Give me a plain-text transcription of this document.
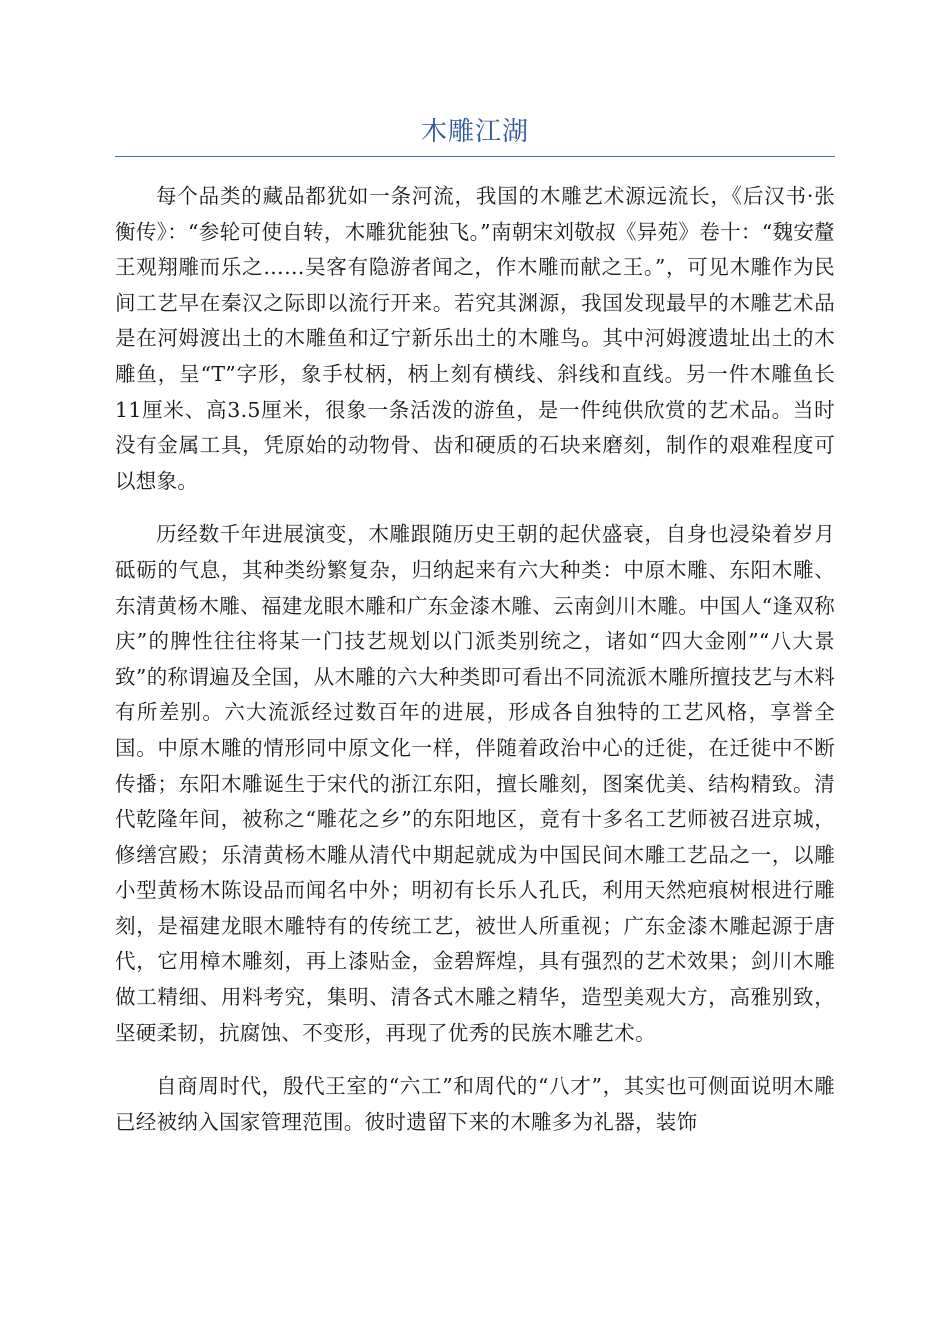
木雕江湖

每个品类的藏品都犹如一条河流，我国的木雕艺术源远流长，《后汉书·张衡传》：“参轮可使自转，木雕犹能独飞。”南朝宋刘敬叔《异苑》卷十：“魏安釐王观翔雕而乐之……吴客有隐游者闻之，作木雕而献之王。”，可见木雕作为民间工艺早在秦汉之际即以流行开来。若究其渊源，我国发现最早的木雕艺术品是在河姆渡出土的木雕鱼和辽宁新乐出土的木雕鸟。其中河姆渡遗址出土的木雕鱼，呈“T”字形，象手杖柄，柄上刻有横线、斜线和直线。另一件木雕鱼长11厘米、高3.5厘米，很象一条活泼的游鱼，是一件纯供欣赏的艺术品。当时没有金属工具，凭原始的动物骨、齿和硬质的石块来磨刻，制作的艰难程度可以想象。

历经数千年进展演变，木雕跟随历史王朝的起伏盛衰，自身也浸染着岁月砥砺的气息，其种类纷繁复杂，归纳起来有六大种类：中原木雕、东阳木雕、东清黄杨木雕、福建龙眼木雕和广东金漆木雕、云南剑川木雕。中国人“逢双称庆”的脾性往往将某一门技艺规划以门派类别统之，诸如“四大金刚”“八大景致”的称谓遍及全国，从木雕的六大种类即可看出不同流派木雕所擅技艺与木料有所差别。六大流派经过数百年的进展，形成各自独特的工艺风格，享誉全国。中原木雕的情形同中原文化一样，伴随着政治中心的迁徙，在迁徙中不断传播；东阳木雕诞生于宋代的浙江东阳，擅长雕刻，图案优美、结构精致。清代乾隆年间，被称之“雕花之乡”的东阳地区，竟有十多名工艺师被召进京城，修缮宫殿；乐清黄杨木雕从清代中期起就成为中国民间木雕工艺品之一，以雕小型黄杨木陈设品而闻名中外；明初有长乐人孔氏，利用天然疤痕树根进行雕刻，是福建龙眼木雕特有的传统工艺，被世人所重视；广东金漆木雕起源于唐代，它用樟木雕刻，再上漆贴金，金碧辉煌，具有强烈的艺术效果；剑川木雕做工精细、用料考究，集明、清各式木雕之精华，造型美观大方，高雅别致，坚硬柔韧，抗腐蚀、不变形，再现了优秀的民族木雕艺术。

自商周时代，殷代王室的“六工”和周代的“八才”，其实也可侧面说明木雕已经被纳入国家管理范围。彼时遗留下来的木雕多为礼器，装饰
